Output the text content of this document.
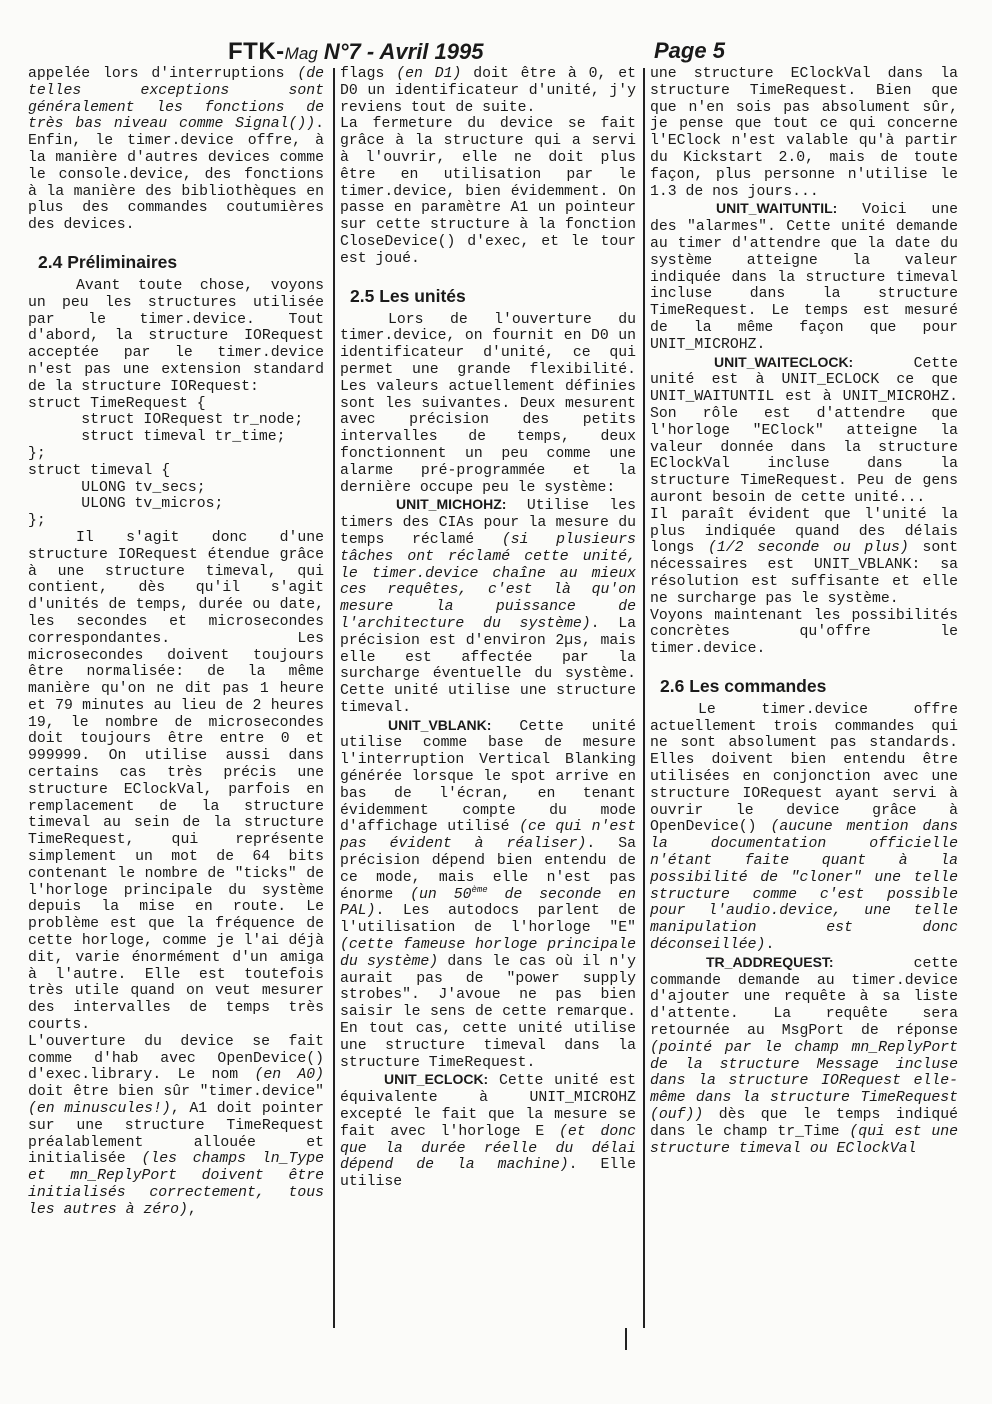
FTK-Mag N°7 - Avril 1995	Page 5

appelée lors d'interruptions (de telles exceptions sont généralement les fonctions de très bas niveau comme Signal()). Enfin, le timer.device offre, à la manière d'autres devices comme le console.device, des fonctions à la manière des bibliothèques en plus des commandes coutumières des devices.

2.4 Préliminaires

Avant toute chose, voyons un peu les structures utilisée par le timer.device. Tout d'abord, la structure IORequest acceptée par le timer.device n'est pas une extension standard de la structure IORequest:

struct TimeRequest {
struct IORequest tr_node;
struct timeval tr_time;
};
struct timeval {
ULONG tv_secs;
ULONG tv_micros;
};

Il s'agit donc d'une structure IORequest étendue grâce à une structure timeval, qui contient, dès qu'il s'agit d'unités de temps, durée ou date, les secondes et microsecondes correspondantes. Les microsecondes doivent toujours être normalisée: de la même manière qu'on ne dit pas 1 heure et 79 minutes au lieu de 2 heures 19, le nombre de microsecondes doit toujours être entre 0 et 999999. On utilise aussi dans certains cas très précis une structure EClockVal, parfois en remplacement de la structure timeval au sein de la structure TimeRequest, qui représente simplement un mot de 64 bits contenant le nombre de "ticks" de l'horloge principale du système depuis la mise en route. Le problème est que la fréquence de cette horloge, comme je l'ai déjà dit, varie énormément d'un amiga à l'autre. Elle est toutefois très utile quand on veut mesurer des intervalles de temps très courts.

L'ouverture du device se fait comme d'hab avec OpenDevice() d'exec.library. Le nom (en A0) doit être bien sûr "timer.device" (en minuscules!), A1 doit pointer sur une structure TimeRequest préalablement allouée et initialisée (les champs ln_Type et mn_ReplyPort doivent être initialisés correctement, tous les autres à zéro),

flags (en D1) doit être à 0, et D0 un identificateur d'unité, j'y reviens tout de suite.

La fermeture du device se fait grâce à la structure qui a servi à l'ouvrir, elle ne doit plus être en utilisation par le timer.device, bien évidemment. On passe en paramètre A1 un pointeur sur cette structure à la fonction CloseDevice() d'exec, et le tour est joué.

2.5 Les unités

Lors de l'ouverture du timer.device, on fournit en D0 un identificateur d'unité, ce qui permet une grande flexibilité. Les valeurs actuellement définies sont les suivantes. Deux mesurent avec précision des petits intervalles de temps, deux fonctionnent un peu comme une alarme pré-programmée et la dernière occupe peu le système:

UNIT_MICHOHZ: Utilise les timers des CIAs pour la mesure du temps réclamé (si plusieurs tâches ont réclamé cette unité, le timer.device chaîne au mieux ces requêtes, c'est là qu'on mesure la puissance de l'architecture du système). La précision est d'environ 2µs, mais elle est affectée par la surcharge éventuelle du système. Cette unité utilise une structure timeval.

UNIT_VBLANK: Cette unité utilise comme base de mesure l'interruption Vertical Blanking générée lorsque le spot arrive en bas de l'écran, en tenant évidemment compte du mode d'affichage utilisé (ce qui n'est pas évident à réaliser). Sa précision dépend bien entendu de ce mode, mais elle n'est pas énorme (un 50ème de seconde en PAL). Les autodocs parlent de l'utilisation de l'horloge "E" (cette fameuse horloge principale du système) dans le cas où il n'y aurait pas de "power supply strobes". J'avoue ne pas bien saisir le sens de cette remarque. En tout cas, cette unité utilise une structure timeval dans la structure TimeRequest.

UNIT_ECLOCK: Cette unité est équivalente à UNIT_MICROHZ excepté le fait que la mesure se fait avec l'horloge E (et donc que la durée réelle du délai dépend de la machine). Elle utilise

une structure EClockVal dans la structure TimeRequest. Bien que que n'en sois pas absolument sûr, je pense que tout ce qui concerne l'EClock n'est valable qu'à partir du Kickstart 2.0, mais de toute façon, plus personne n'utilise le 1.3 de nos jours...

UNIT_WAITUNTIL: Voici une des "alarmes". Cette unité demande au timer d'attendre que la date du système atteigne la valeur indiquée dans la structure timeval incluse dans la structure TimeRequest. Le temps est mesuré de la même façon que pour UNIT_MICROHZ.

UNIT_WAITECLOCK: Cette unité est à UNIT_ECLOCK ce que UNIT_WAITUNTIL est à UNIT_MICROHZ. Son rôle est d'attendre que l'horloge "EClock" atteigne la valeur donnée dans la structure EClockVal incluse dans la structure TimeRequest. Peu de gens auront besoin de cette unité...

Il paraît évident que l'unité la plus indiquée quand des délais longs (1/2 seconde ou plus) sont nécessaires est UNIT_VBLANK: sa résolution est suffisante et elle ne surcharge pas le système.

Voyons maintenant les possibilités concrètes qu'offre le timer.device.

2.6 Les commandes

Le timer.device offre actuellement trois commandes qui ne sont absolument pas standards. Elles doivent bien entendu être utilisées en conjonction avec une structure IORequest ayant servi à ouvrir le device grâce à OpenDevice() (aucune mention dans la documentation officielle n'étant faite quant à la possibilité de "cloner" une telle structure comme c'est possible pour l'audio.device, une telle manipulation est donc déconseillée).

TR_ADDREQUEST: cette commande demande au timer.device d'ajouter une requête à sa liste d'attente. La requête sera retournée au MsgPort de réponse (pointé par le champ mn_ReplyPort de la structure Message incluse dans la structure IORequest elle-même dans la structure TimeRequest (ouf)) dès que le temps indiqué dans le champ tr_Time (qui est une structure timeval ou EClockVal
